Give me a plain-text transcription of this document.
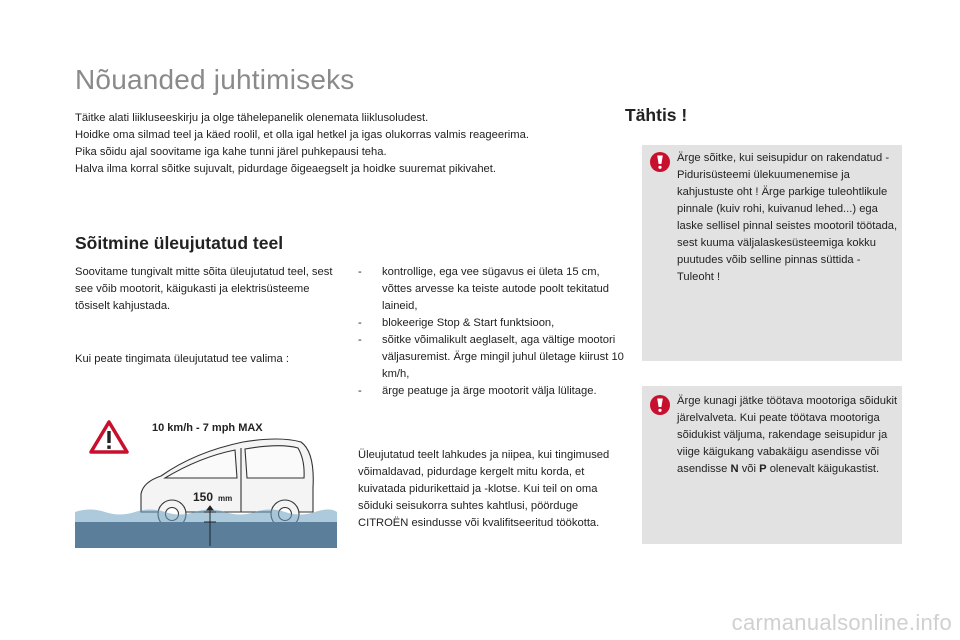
Nõuanded juhtimiseks

Täitke alati liikluseeskirju ja olge tähelepanelik olenemata liiklusoludest.

Hoidke oma silmad teel ja käed roolil, et olla igal hetkel ja igas olukorras valmis reageerima.

Pika sõidu ajal soovitame iga kahe tunni järel puhkepausi teha.

Halva ilma korral sõitke sujuvalt, pidurdage õigeaegselt ja hoidke suuremat pikivahet.

Sõitmine üleujutatud teel

Soovitame tungivalt mitte sõita üleujutatud teel, sest see võib mootorit, käigukasti ja elektrisüsteeme tõsiselt kahjustada.

Kui peate tingimata üleujutatud tee valima :

- kontrollige, ega vee sügavus ei ületa 15 cm, võttes arvesse ka teiste autode poolt tekitatud laineid,
- blokeerige Stop & Start funktsioon,
- sõitke võimalikult aeglaselt, aga vältige mootori väljasuremist. Ärge mingil juhul ületage kiirust 10 km/h,
- ärge peatuge ja ärge mootorit välja lülitage.

Üleujutatud teelt lahkudes ja niipea, kui tingimused võimaldavad, pidurdage kergelt mitu korda, et kuivatada pidurikettaid ja -klotse. Kui teil on oma sõiduki seisukorra suhtes kahtlusi, pöörduge CITROËN esindusse või kvalifitseeritud töökotta.

10 km/h - 7 mph MAX
150 mm
Tähtis !

Ärge sõitke, kui seisupidur on rakendatud - Pidurisüsteemi ülekuumenemise ja kahjustuste oht ! Ärge parkige tuleohtlikule pinnale (kuiv rohi, kuivanud lehed...) ega laske sellisel pinnal seistes mootoril töötada, sest kuuma väljalaskesüsteemiga kokku puutudes võib selline pinnas süttida - Tuleoht !

Ärge kunagi jätke töötava mootoriga sõidukit järelvalveta. Kui peate töötava mootoriga sõidukist väljuma, rakendage seisupidur ja viige käigukang vabakäigu asendisse või asendisse N või P olenevalt käigukastist.

carmanualsonline.info
